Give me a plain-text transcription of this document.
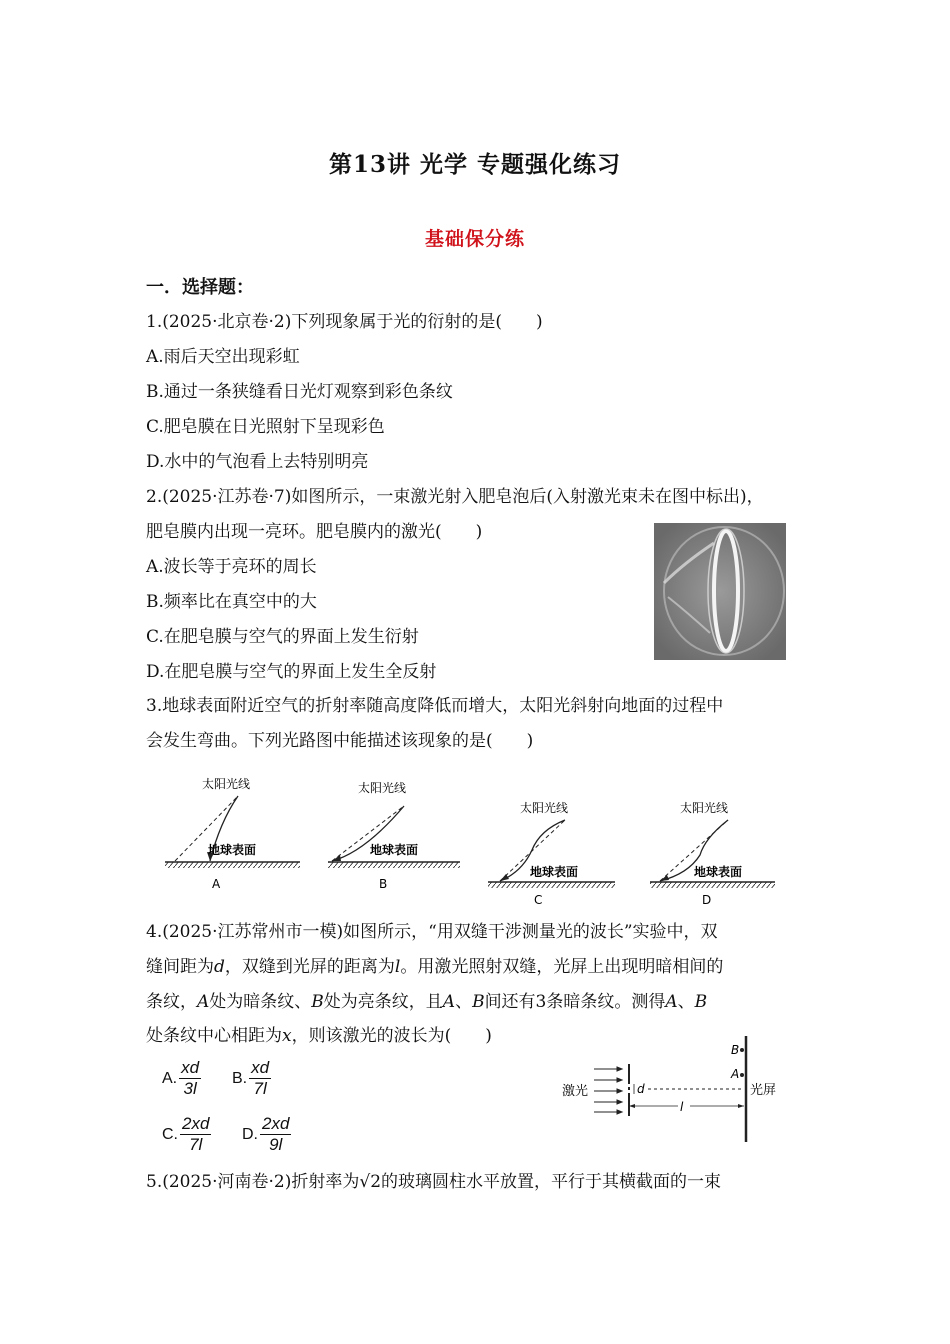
第13讲 光学 专题强化练习
基础保分练
一．选择题：
1.(2025·北京卷·2)下列现象属于光的衍射的是(　　)
A.雨后天空出现彩虹
B.通过一条狭缝看日光灯观察到彩色条纹
C.肥皂膜在日光照射下呈现彩色
D.水中的气泡看上去特别明亮
2.(2025·江苏卷·7)如图所示，一束激光射入肥皂泡后(入射激光束未在图中标出)，
肥皂膜内出现一亮环。肥皂膜内的激光(　　)
A.波长等于亮环的周长
B.频率比在真空中的大
C.在肥皂膜与空气的界面上发生衍射
D.在肥皂膜与空气的界面上发生全反射
3.地球表面附近空气的折射率随高度降低而增大，太阳光斜射向地面的过程中
会发生弯曲。下列光路图中能描述该现象的是(　　)
太阳光线
地球表面
A
太阳光线
地球表面
B
太阳光线
地球表面
C
太阳光线
地球表面
D
4.(2025·江苏常州市一模)如图所示，“用双缝干涉测量光的波长”实验中，双
缝间距为d，双缝到光屏的距离为l。用激光照射双缝，光屏上出现明暗相间的
条纹，A处为暗条纹、B处为亮条纹，且A、B间还有3条暗条纹。测得A、B
处条纹中心相距为x，则该激光的波长为(　　)
A. $\frac{xd}{3l} B$. $\frac{xd}{7l}$
C. $\frac{2xd}{7l} D$. $\frac{2xd}{9l}$
激光	d
l
B
A
光屏
5.(2025·河南卷·2)折射率为√2的玻璃圆柱水平放置，平行于其横截面的一束
